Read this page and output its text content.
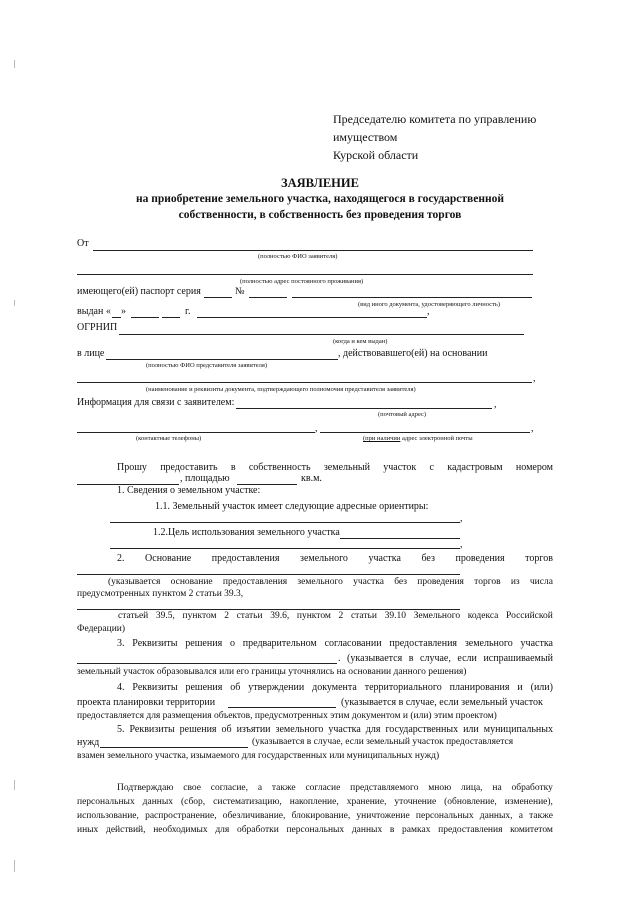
Председателю комитета по управлению
имуществом
Курской области
ЗАЯВЛЕНИЕ
на приобретение земельного участка, находящегося в государственной
собственности, в собственность без проведения торгов
От
(полностью ФИО заявителя)
(полностью адрес постоянного проживания)
имеющего(ей) паспорт серия	№
(вид иного документа, удостоверяющего личность)
выдан « »	г.	,
ОГРНИП
(когда и кем выдан)
в лице	, действовавшего(ей) на основании
(полностью ФИО представителя заявителя)
,
(наименование и реквизиты документа, подтверждающего полномочия представителя заявителя)
Информация для связи с заявителем:	,
(почтовый адрес)
,	,
(контактные телефоны)	(при наличии адрес электронной почты
Прошу предоставить в собственность земельный участок с кадастровым номером
, площадью	кв.м.
1. Сведения о земельном участке:
1.1. Земельный участок имеет следующие адресные ориентиры:
,
1.2.Цель использования земельного участка
,
2. Основание предоставления земельного участка без проведения торгов
(указывается основание предоставления земельного участка без проведения торгов из числа
предусмотренных пунктом 2 статьи 39.3,
статьей 39.5, пунктом 2 статьи 39.6, пунктом 2 статьи 39.10 Земельного кодекса Российской
Федерации)
3. Реквизиты решения о предварительном согласовании предоставления земельного участка
. (указывается в случае, если испрашиваемый
земельный участок образовывался или его границы уточнялись на основании данного решения)
4. Реквизиты решения об утверждении документа территориального планирования и (или)
проекта планировки территории	(указывается в случае, если земельный участок
предоставляется для размещения объектов, предусмотренных этим документом и (или) этим проектом)
5. Реквизиты решения об изъятии земельного участка для государственных или муниципальных
нужд	(указывается в случае, если земельный участок предоставляется
взамен земельного участка, изымаемого для государственных или муниципальных нужд)
Подтверждаю свое согласие, а также согласие представляемого мною лица, на обработку
персональных данных (сбор, систематизацию, накопление, хранение, уточнение (обновление, изменение),
использование, распространение, обезличивание, блокирование, уничтожение персональных данных, а также
иных действий, необходимых для обработки персональных данных в рамках предоставления комитетом
